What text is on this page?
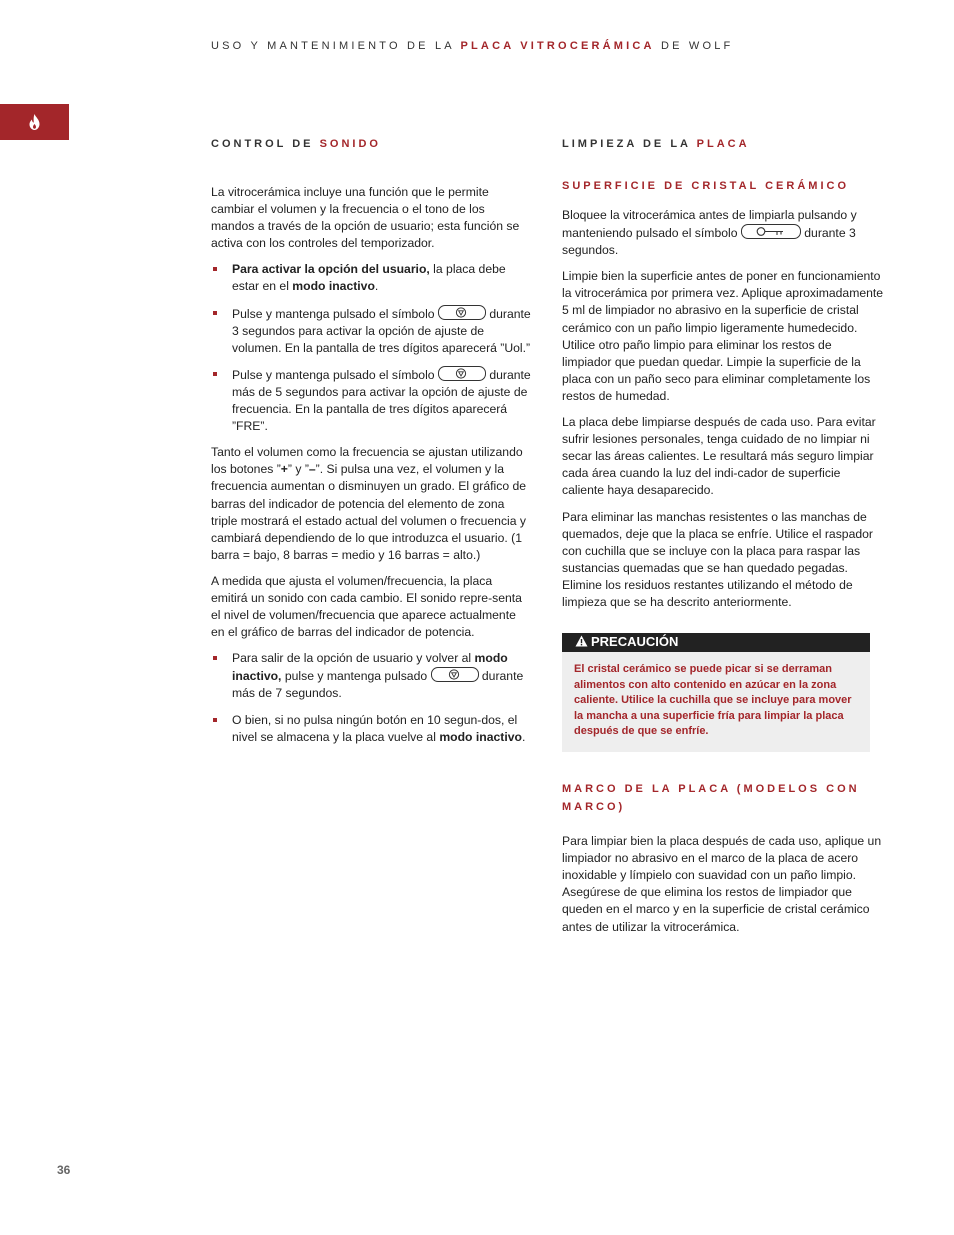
USO Y MANTENIMIENTO DE LA PLACA VITROCERÁMICA DE WOLF
CONTROL DE SONIDO

La vitrocerámica incluye una función que le permite cambiar el volumen y la frecuencia o el tono de los mandos a través de la opción de usuario; esta función se activa con los controles del temporizador.

Para activar la opción del usuario, la placa debe estar en el modo inactivo.
Pulse y mantenga pulsado el símbolo	durante 3 segundos para activar la opción de ajuste de volumen. En la pantalla de tres dígitos aparecerá ”Uol.”
Pulse y mantenga pulsado el símbolo	durante más de 5 segundos para activar la opción de ajuste de frecuencia. En la pantalla de tres dígitos aparecerá ”FRE”.

Tanto el volumen como la frecuencia se ajustan utilizando los botones ”+” y ”–”. Si pulsa una vez, el volumen y la frecuencia aumentan o disminuyen un grado. El gráfico de barras del indicador de potencia del elemento de zona triple mostrará el estado actual del volumen o frecuencia y cambiará dependiendo de lo que introduzca el usuario. (1 barra = bajo, 8 barras = medio y 16 barras = alto.)

A medida que ajusta el volumen/frecuencia, la placa emitirá un sonido con cada cambio. El sonido repre-senta el nivel de volumen/frecuencia que aparece actualmente en el gráfico de barras del indicador de potencia.

Para salir de la opción de usuario y volver al modo inactivo, pulse y mantenga pulsado	durante más de 7 segundos.
O bien, si no pulsa ningún botón en 10 segun-dos, el nivel se almacena y la placa vuelve al modo inactivo.
LIMPIEZA DE LA PLACA
SUPERFICIE DE CRISTAL CERÁMICO

Bloquee la vitrocerámica antes de limpiarla pulsando y manteniendo pulsado el símbolo	durante 3 segundos.

Limpie bien la superficie antes de poner en funcionamiento la vitrocerámica por primera vez. Aplique aproximadamente 5 ml de limpiador no abrasivo en la superficie de cristal cerámico con un paño limpio ligeramente humedecido. Utilice otro paño limpio para eliminar los restos de limpiador que puedan quedar. Limpie la superficie de la placa con un paño seco para eliminar completamente los restos de humedad.

La placa debe limpiarse después de cada uso. Para evitar sufrir lesiones personales, tenga cuidado de no limpiar ni secar las áreas calientes. Le resultará más seguro limpiar cada área cuando la luz del indi-cador de superficie caliente haya desaparecido.

Para eliminar las manchas resistentes o las manchas de quemados, deje que la placa se enfríe. Utilice el raspador con cuchilla que se incluye con la placa para raspar las sustancias quemadas que se han quedado pegadas. Elimine los residuos restantes utilizando el método de limpieza que se ha descrito anteriormente.

PRECAUCIÓN
El cristal cerámico se puede picar si se derraman alimentos con alto contenido en azúcar en la zona caliente. Utilice la cuchilla que se incluye para mover la mancha a una superficie fría para limpiar la placa después de que se enfríe.
MARCO DE LA PLACA (MODELOS CON MARCO)

Para limpiar bien la placa después de cada uso, aplique un limpiador no abrasivo en el marco de la placa de acero inoxidable y límpielo con suavidad con un paño limpio. Asegúrese de que elimina los restos de limpiador que queden en el marco y en la superficie de cristal cerámico antes de utilizar la vitrocerámica.

36
